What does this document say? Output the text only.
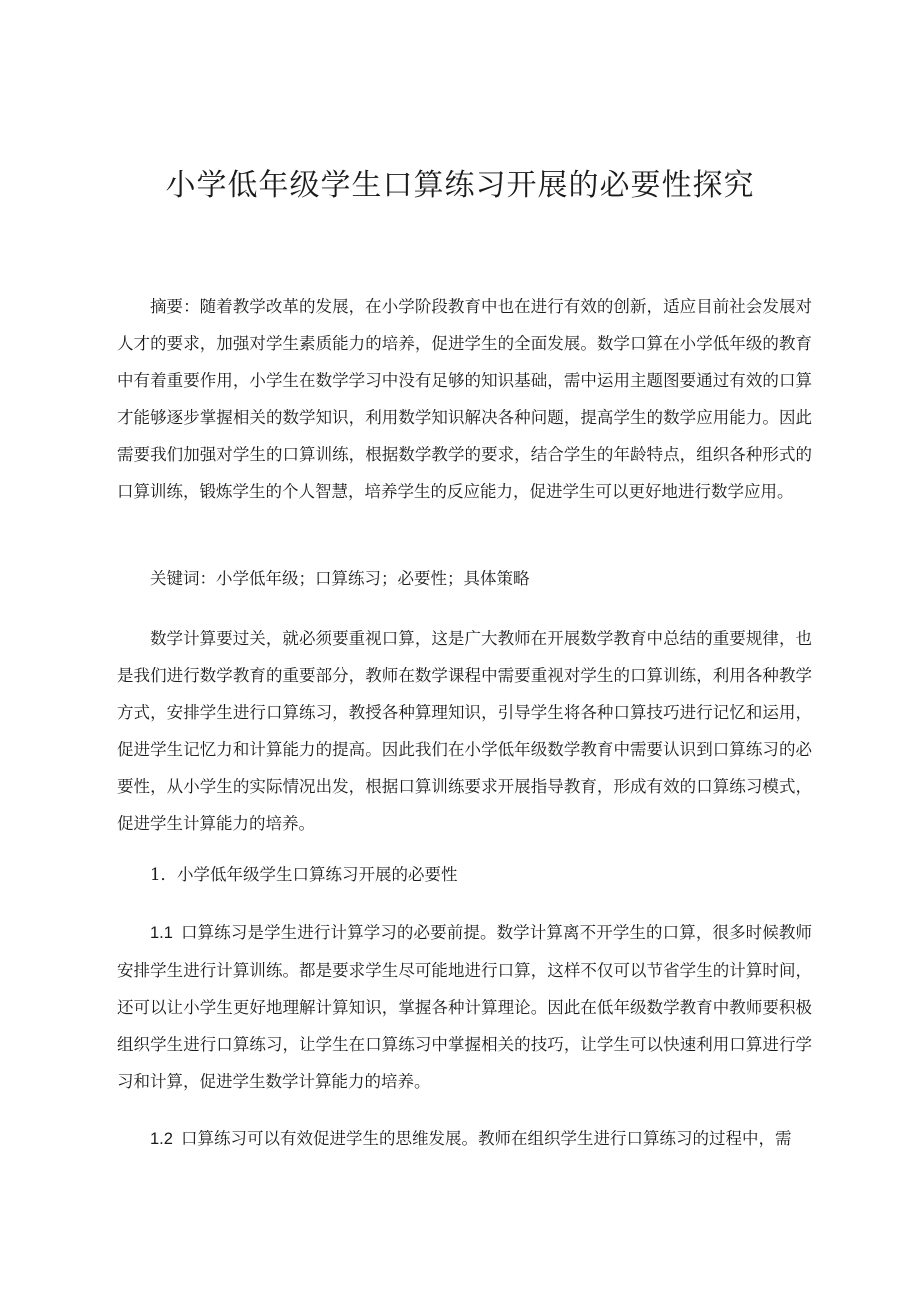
小学低年级学生口算练习开展的必要性探究

摘要：随着教学改革的发展，在小学阶段教育中也在进行有效的创新，适应目前社会发展对人才的要求，加强对学生素质能力的培养，促进学生的全面发展。数学口算在小学低年级的教育中有着重要作用，小学生在数学学习中没有足够的知识基础，需中运用主题图要通过有效的口算才能够逐步掌握相关的数学知识，利用数学知识解决各种问题，提高学生的数学应用能力。因此需要我们加强对学生的口算训练，根据数学教学的要求，结合学生的年龄特点，组织各种形式的口算训练，锻炼学生的个人智慧，培养学生的反应能力，促进学生可以更好地进行数学应用。

关键词：小学低年级；口算练习；必要性；具体策略

数学计算要过关，就必须要重视口算，这是广大教师在开展数学教育中总结的重要规律，也是我们进行数学教育的重要部分，教师在数学课程中需要重视对学生的口算训练，利用各种教学方式，安排学生进行口算练习，教授各种算理知识，引导学生将各种口算技巧进行记忆和运用，促进学生记忆力和计算能力的提高。因此我们在小学低年级数学教育中需要认识到口算练习的必要性，从小学生的实际情况出发，根据口算训练要求开展指导教育，形成有效的口算练习模式，促进学生计算能力的培养。

1．小学低年级学生口算练习开展的必要性

1.1 口算练习是学生进行计算学习的必要前提。数学计算离不开学生的口算，很多时候教师安排学生进行计算训练。都是要求学生尽可能地进行口算，这样不仅可以节省学生的计算时间，还可以让小学生更好地理解计算知识，掌握各种计算理论。因此在低年级数学教育中教师要积极组织学生进行口算练习，让学生在口算练习中掌握相关的技巧，让学生可以快速利用口算进行学习和计算，促进学生数学计算能力的培养。

1.2 口算练习可以有效促进学生的思维发展。教师在组织学生进行口算练习的过程中，需
